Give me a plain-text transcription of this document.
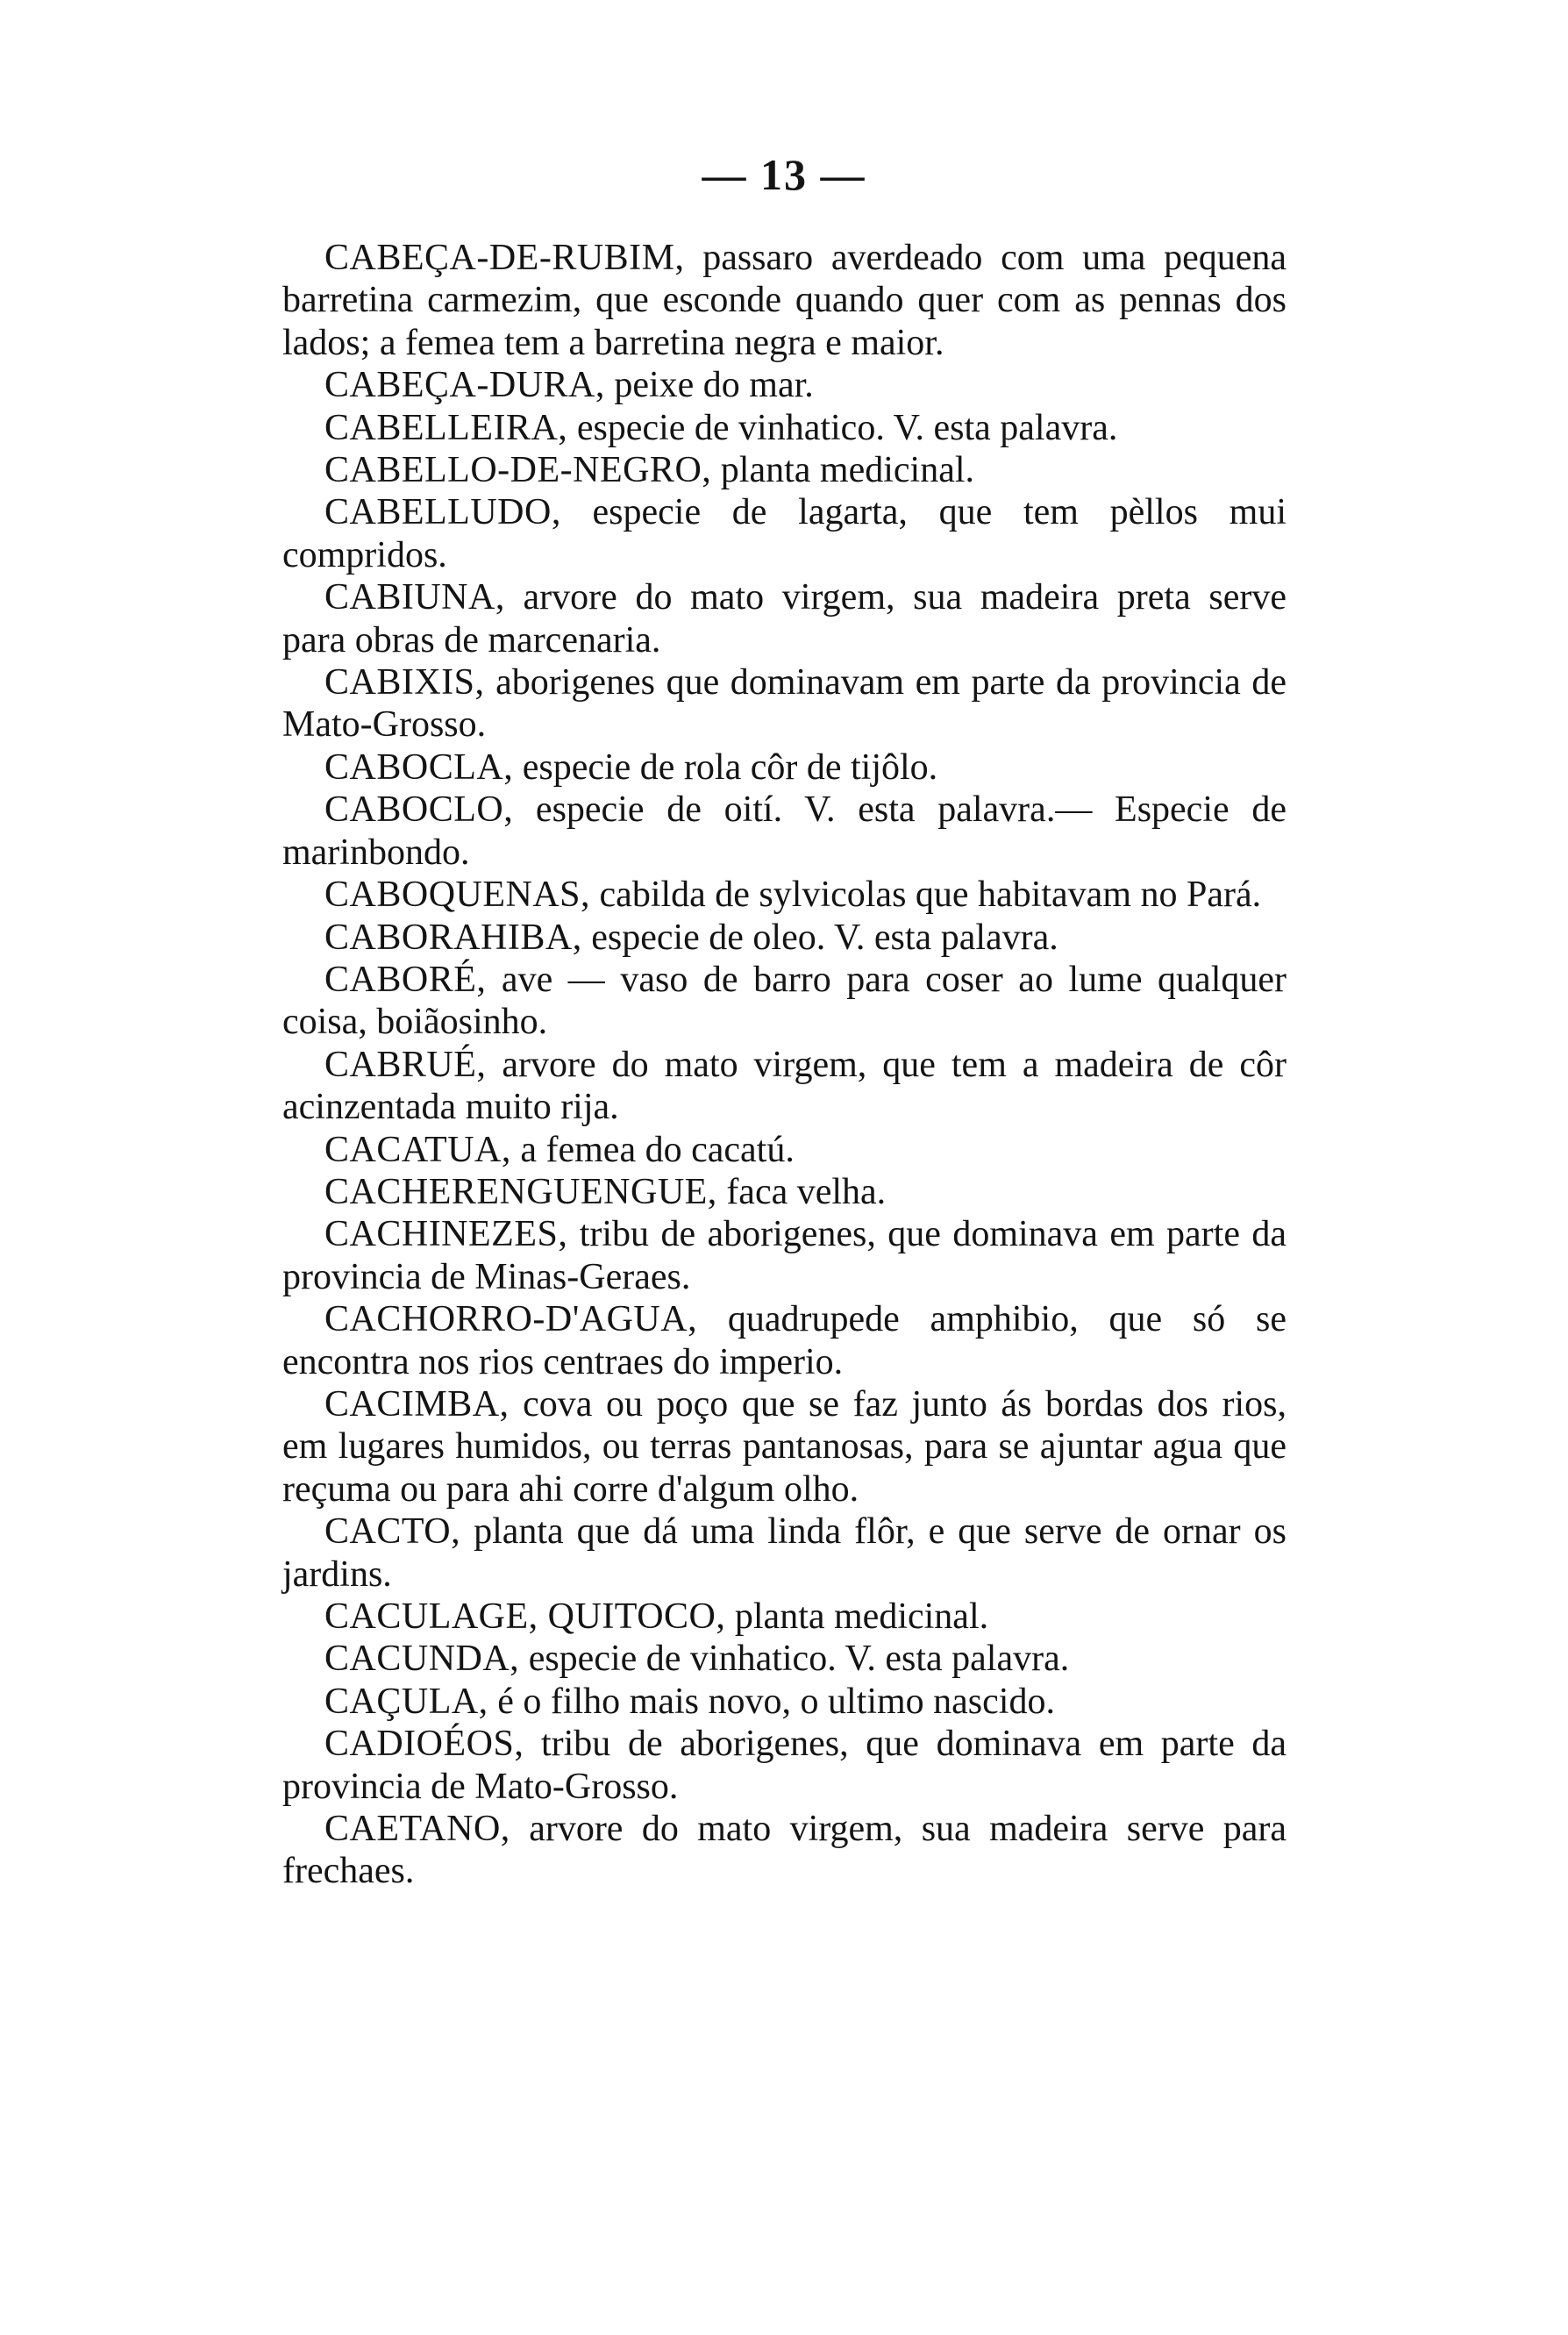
— 13 —

CABEÇA-DE-RUBIM, passaro averdeado com uma pequena barretina carmezim, que esconde quando quer com as pennas dos lados; a femea tem a barretina negra e maior.

CABEÇA-DURA, peixe do mar.

CABELLEIRA, especie de vinhatico. V. esta palavra.

CABELLO-DE-NEGRO, planta medicinal.

CABELLUDO, especie de lagarta, que tem pèllos mui compridos.

CABIUNA, arvore do mato virgem, sua madeira preta serve para obras de marcenaria.

CABIXIS, aborigenes que dominavam em parte da provincia de Mato-Grosso.

CABOCLA, especie de rola côr de tijôlo.

CABOCLO, especie de oití. V. esta palavra.— Especie de marinbondo.

CABOQUENAS, cabilda de sylvicolas que habitavam no Pará.

CABORAHIBA, especie de oleo. V. esta palavra.

CABORÉ, ave — vaso de barro para coser ao lume qualquer coisa, boiãosinho.

CABRUÉ, arvore do mato virgem, que tem a madeira de côr acinzentada muito rija.

CACATUA, a femea do cacatú.

CACHERENGUENGUE, faca velha.

CACHINEZES, tribu de aborigenes, que dominava em parte da provincia de Minas-Geraes.

CACHORRO-D'AGUA, quadrupede amphibio, que só se encontra nos rios centraes do imperio.

CACIMBA, cova ou poço que se faz junto ás bordas dos rios, em lugares humidos, ou terras pantanosas, para se ajuntar agua que reçuma ou para ahi corre d'algum olho.

CACTO, planta que dá uma linda flôr, e que serve de ornar os jardins.

CACULAGE, QUITOCO, planta medicinal.

CACUNDA, especie de vinhatico. V. esta palavra.

CAÇULA, é o filho mais novo, o ultimo nascido.

CADIOÉOS, tribu de aborigenes, que dominava em parte da provincia de Mato-Grosso.

CAETANO, arvore do mato virgem, sua madeira serve para frechaes.
